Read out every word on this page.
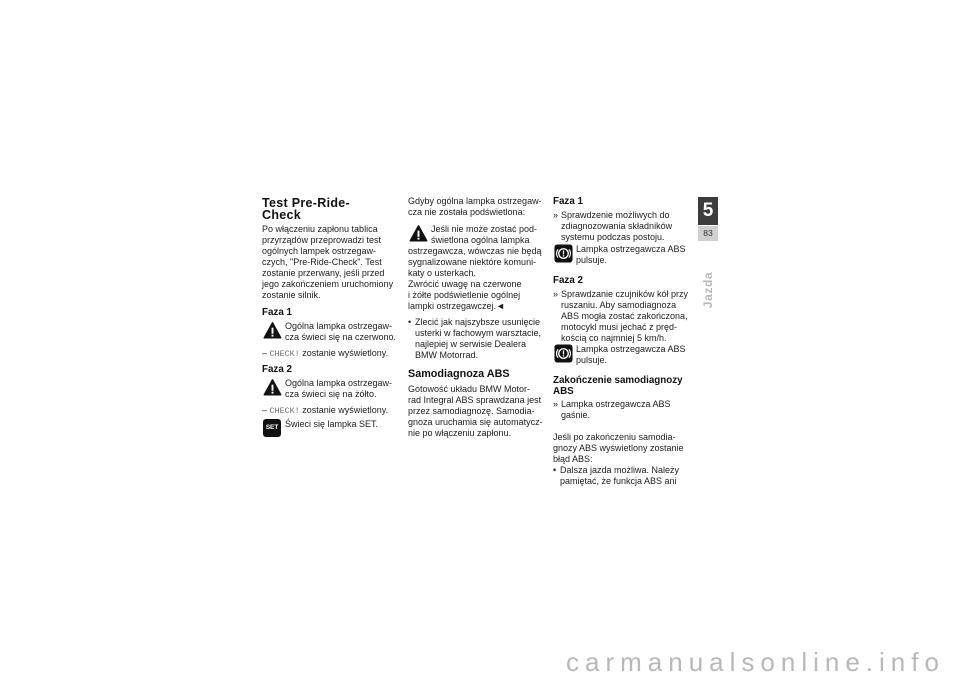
Test Pre-Ride-
Check
Po włączeniu zapłonu tablica
przyrządów przeprowadzi test
ogólnych lampek ostrzegaw-
czych, "Pre-Ride-Check". Test
zostanie przerwany, jeśli przed
jego zakończeniem uruchomiony
zostanie silnik.
Faza 1
Ogólna lampka ostrzegaw-
cza świeci się na czerwono.
– CHECK! zostanie wyświetlony.
Faza 2
Ogólna lampka ostrzegaw-
cza świeci się na żółto.
– CHECK! zostanie wyświetlony.
SET Świeci się lampka SET.
Gdyby ogólna lampka ostrzegaw-
cza nie została podświetlona:
Jeśli nie może zostać pod-
świetlona ogólna lampka
ostrzegawcza, wówczas nie będą
sygnalizowane niektóre komuni-
katy o usterkach.
Zwrócić uwagę na czerwone
i żółte podświetlenie ogólnej
lampki ostrzegawczej.◄
• Zlecić jak najszybsze usunięcie
usterki w fachowym warsztacie,
najlepiej w serwisie Dealera
BMW Motorrad.
Samodiagnoza ABS
Gotowość układu BMW Motor-
rad Integral ABS sprawdzana jest
przez samodiagnozę. Samodia-
gnoza uruchamia się automatycz-
nie po włączeniu zapłonu.
Faza 1
» Sprawdzenie możliwych do
zdiagnozowania składników
systemu podczas postoju.
Lampka ostrzegawcza ABS
pulsuje.
Faza 2
» Sprawdzanie czujników kół przy
ruszaniu. Aby samodiagnoza
ABS mogła zostać zakończona,
motocykl musi jechać z pręd-
kością co najmniej 5 km/h.
Lampka ostrzegawcza ABS
pulsuje.
Zakończenie samodiagnozy
ABS
» Lampka ostrzegawcza ABS
gaśnie.
Jeśli po zakończeniu samodia-
gnozy ABS wyświetlony zostanie
błąd ABS:
• Dalsza jazda możliwa. Należy
pamiętać, że funkcja ABS ani
5
83
Jazda
carmanualsonline.info
